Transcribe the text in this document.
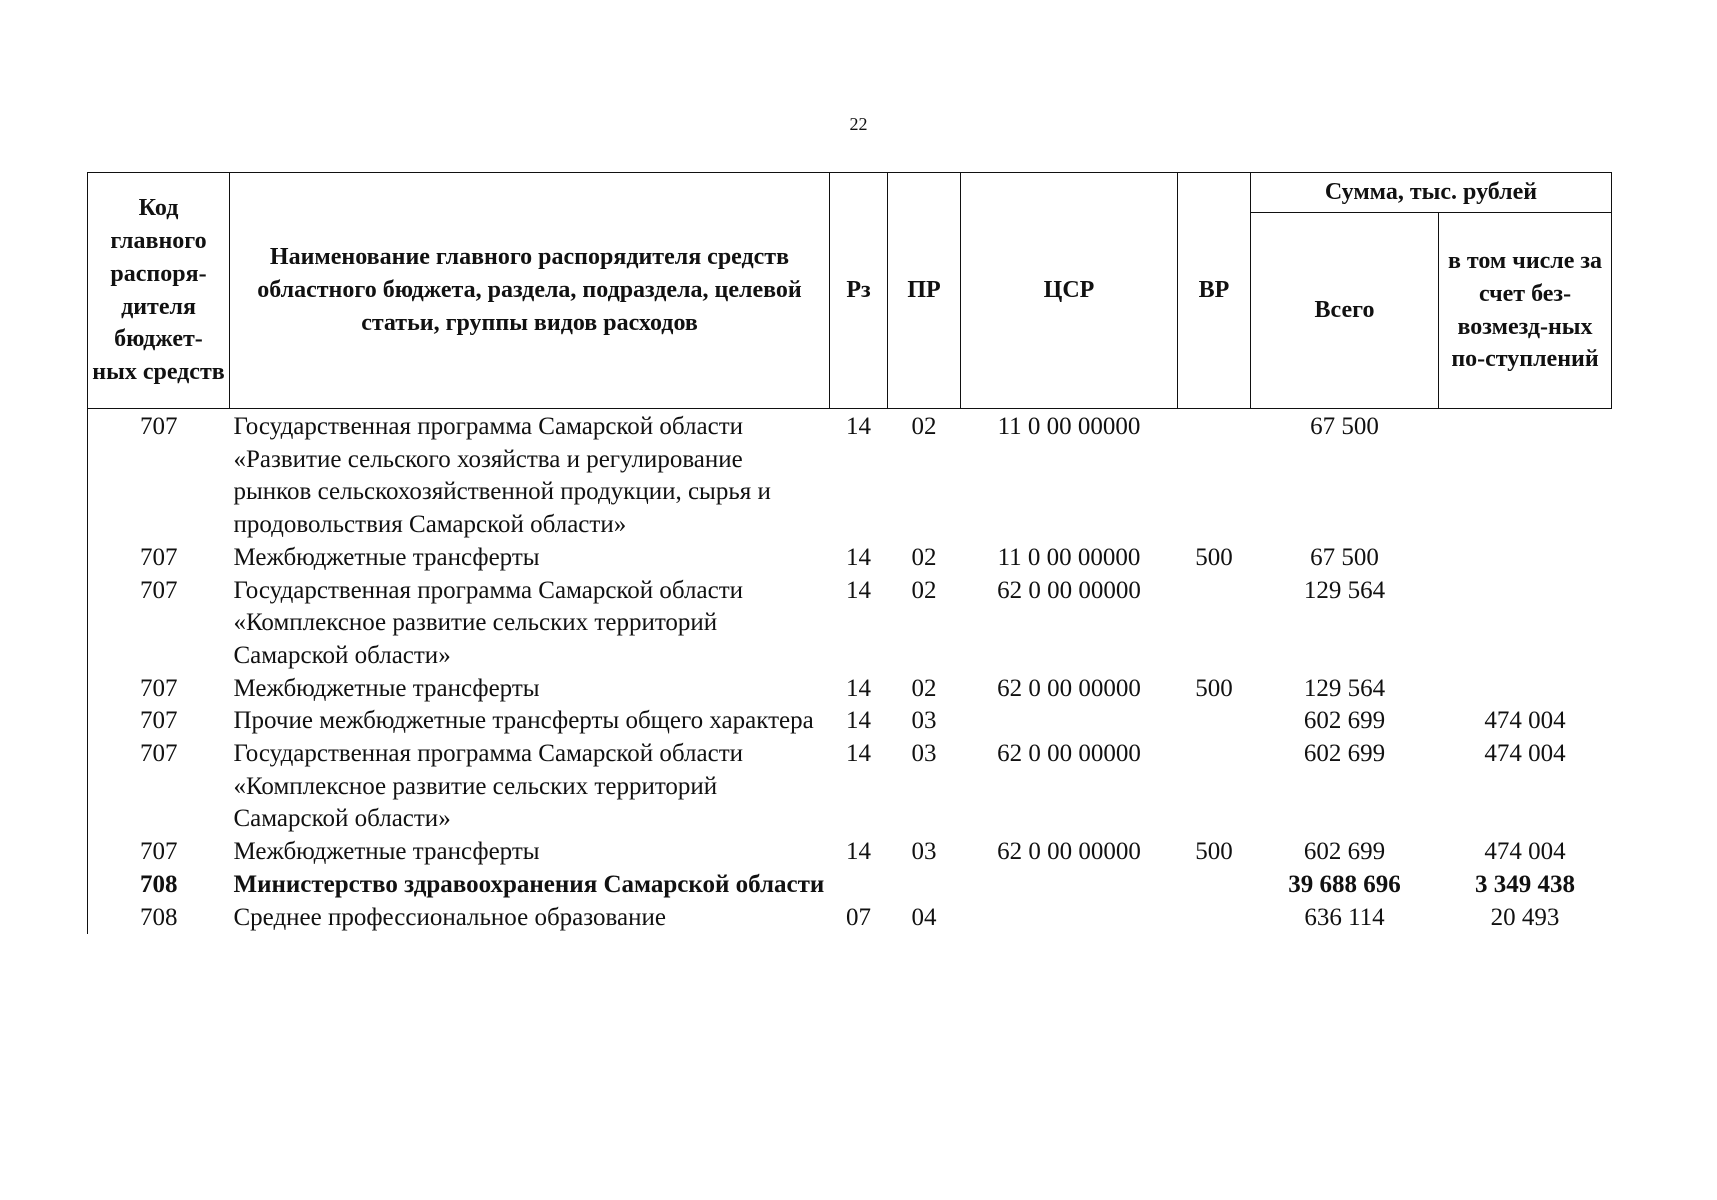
22
Код главного распоря-дителя бюджет-ных средств	Наименование главного распорядителя средств областного бюджета, раздела, подраздела, целевой статьи, группы видов расходов	Рз	ПР	ЦСР	ВР	Сумма, тыс. рублей	
						Всего	в том числе за счет без-возмезд-ных по-ступлений
707	Государственная программа Самарской области «Развитие сельского хозяйства и регулирование рынков сельскохозяйственной продукции, сырья и продовольствия Самарской области»	14	02	11 0 00 00000		67 500	
707	Межбюджетные трансферты	14	02	11 0 00 00000	500	67 500	
707	Государственная программа Самарской области «Комплексное развитие сельских территорий Самарской области»	14	02	62 0 00 00000		129 564	
707	Межбюджетные трансферты	14	02	62 0 00 00000	500	129 564	
707	Прочие межбюджетные трансферты общего характера	14	03			602 699	474 004
707	Государственная программа Самарской области «Комплексное развитие сельских территорий Самарской области»	14	03	62 0 00 00000		602 699	474 004
707	Межбюджетные трансферты	14	03	62 0 00 00000	500	602 699	474 004
708	Министерство здравоохранения Самарской области					39 688 696	3 349 438
708	Среднее профессиональное образование	07	04			636 114	20 493
